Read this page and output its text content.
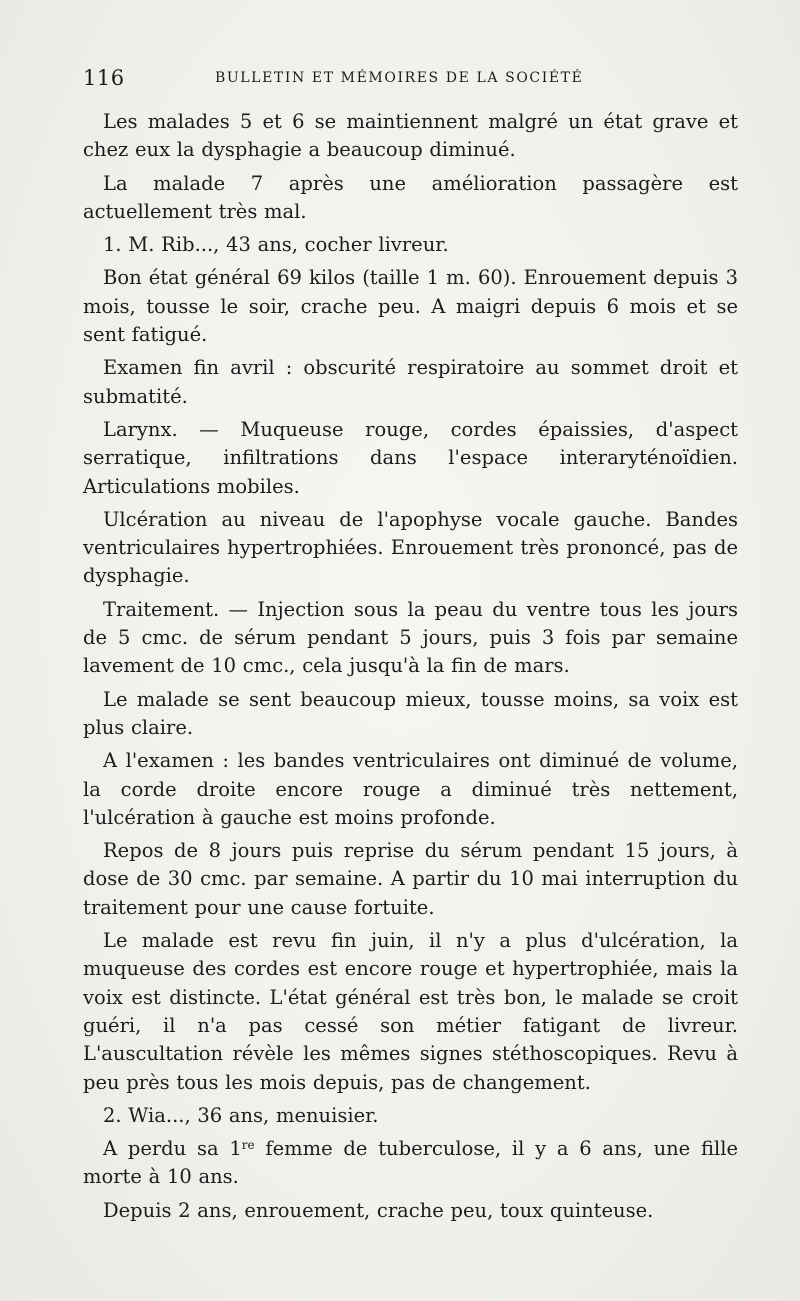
116	BULLETIN ET MÉMOIRES DE LA SOCIÉTÉ

Les malades 5 et 6 se maintiennent malgré un état grave et chez eux la dysphagie a beaucoup diminué.

La malade 7 après une amélioration passagère est actuellement très mal.

1. M. Rib..., 43 ans, cocher livreur.

Bon état général 69 kilos (taille 1 m. 60). Enrouement depuis 3 mois, tousse le soir, crache peu. A maigri depuis 6 mois et se sent fatigué.

Examen fin avril : obscurité respiratoire au sommet droit et submatité.

Larynx. — Muqueuse rouge, cordes épaissies, d'aspect serratique, infiltrations dans l'espace interaryténoïdien. Articulations mobiles.

Ulcération au niveau de l'apophyse vocale gauche. Bandes ventriculaires hypertrophiées. Enrouement très prononcé, pas de dysphagie.

Traitement. — Injection sous la peau du ventre tous les jours de 5 cmc. de sérum pendant 5 jours, puis 3 fois par semaine lavement de 10 cmc., cela jusqu'à la fin de mars.

Le malade se sent beaucoup mieux, tousse moins, sa voix est plus claire.

A l'examen : les bandes ventriculaires ont diminué de volume, la corde droite encore rouge a diminué très nettement, l'ulcération à gauche est moins profonde.

Repos de 8 jours puis reprise du sérum pendant 15 jours, à dose de 30 cmc. par semaine. A partir du 10 mai interruption du traitement pour une cause fortuite.

Le malade est revu fin juin, il n'y a plus d'ulcération, la muqueuse des cordes est encore rouge et hypertrophiée, mais la voix est distincte. L'état général est très bon, le malade se croit guéri, il n'a pas cessé son métier fatigant de livreur. L'auscultation révèle les mêmes signes stéthoscopiques. Revu à peu près tous les mois depuis, pas de changement.

2. Wia..., 36 ans, menuisier.

A perdu sa 1re femme de tuberculose, il y a 6 ans, une fille morte à 10 ans.

Depuis 2 ans, enrouement, crache peu, toux quinteuse.
